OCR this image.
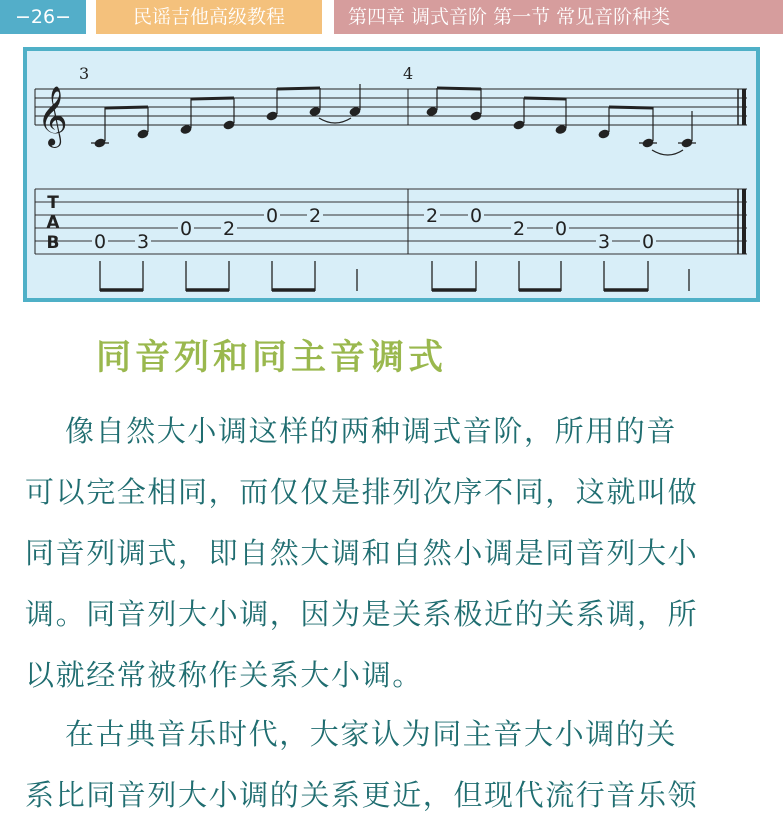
−26−	民谣吉他高级教程	第四章 调式音阶 第一节 常见音阶种类
𝄞
3	4
T
A
B 0 3
0 2
0 2	2 0
2 0
3 0
同音列和同主音调式
像自然大小调这样的两种调式音阶，所用的音
可以完全相同，而仅仅是排列次序不同，这就叫做
同音列调式，即自然大调和自然小调是同音列大小
调。同音列大小调，因为是关系极近的关系调，所
以就经常被称作关系大小调。
在古典音乐时代，大家认为同主音大小调的关
系比同音列大小调的关系更近，但现代流行音乐领
